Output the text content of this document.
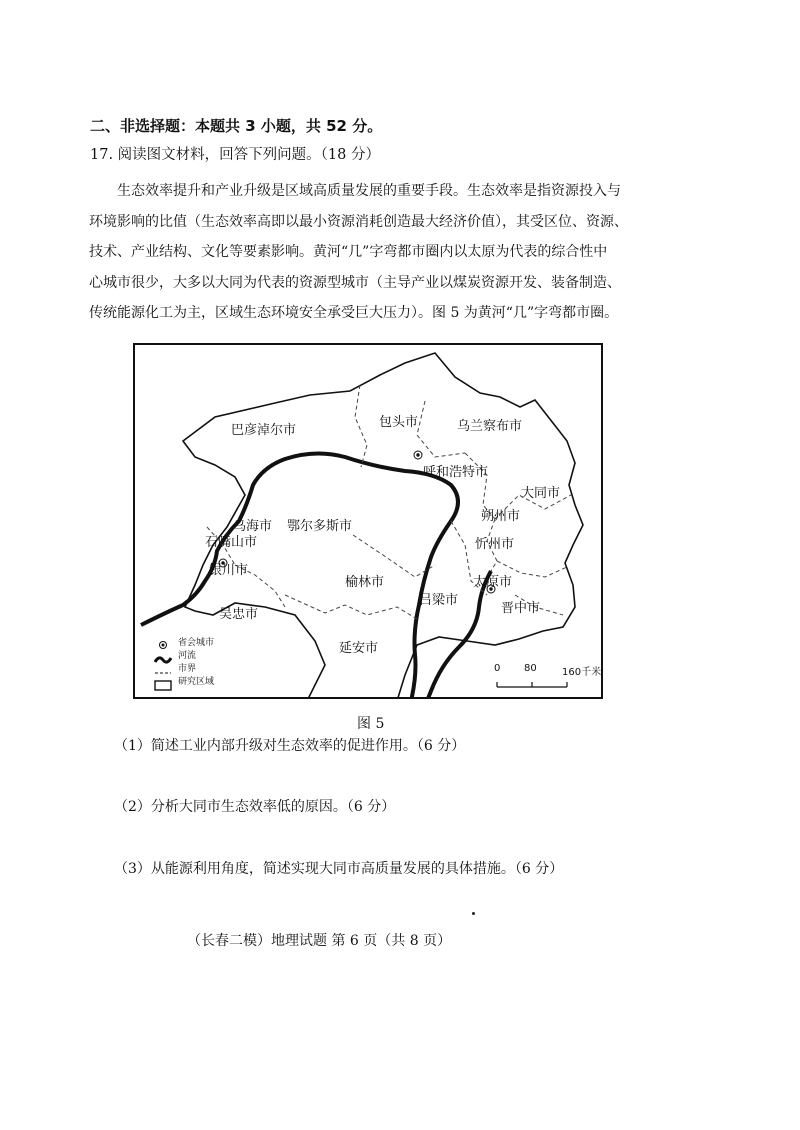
二、非选择题：本题共 3 小题，共 52 分。
17. 阅读图文材料，回答下列问题。（18 分）
生态效率提升和产业升级是区域高质量发展的重要手段。生态效率是指资源投入与
环境影响的比值（生态效率高即以最小资源消耗创造最大经济价值），其受区位、资源、
技术、产业结构、文化等要素影响。黄河“几”字弯都市圈内以太原为代表的综合性中
心城市很少，大多以大同为代表的资源型城市（主导产业以煤炭资源开发、装备制造、
传统能源化工为主，区域生态环境安全承受巨大压力）。图 5 为黄河“几”字弯都市圈。
巴彦淖尔市
包头市	乌兰察布市
呼和浩特市
大同市
乌海市 鄂尔多斯市
朔州市
石嘴山市	忻州市
银川市
榆林市	太原市
吕梁市
晋中市
吴忠市
延安市
省会城市
河流
市界
研究区域
0 80	160千米
图 5
（1）简述工业内部升级对生态效率的促进作用。（6 分）
（2）分析大同市生态效率低的原因。（6 分）
（3）从能源利用角度，简述实现大同市高质量发展的具体措施。（6 分）
（长春二模）地理试题 第 6 页（共 8 页）
